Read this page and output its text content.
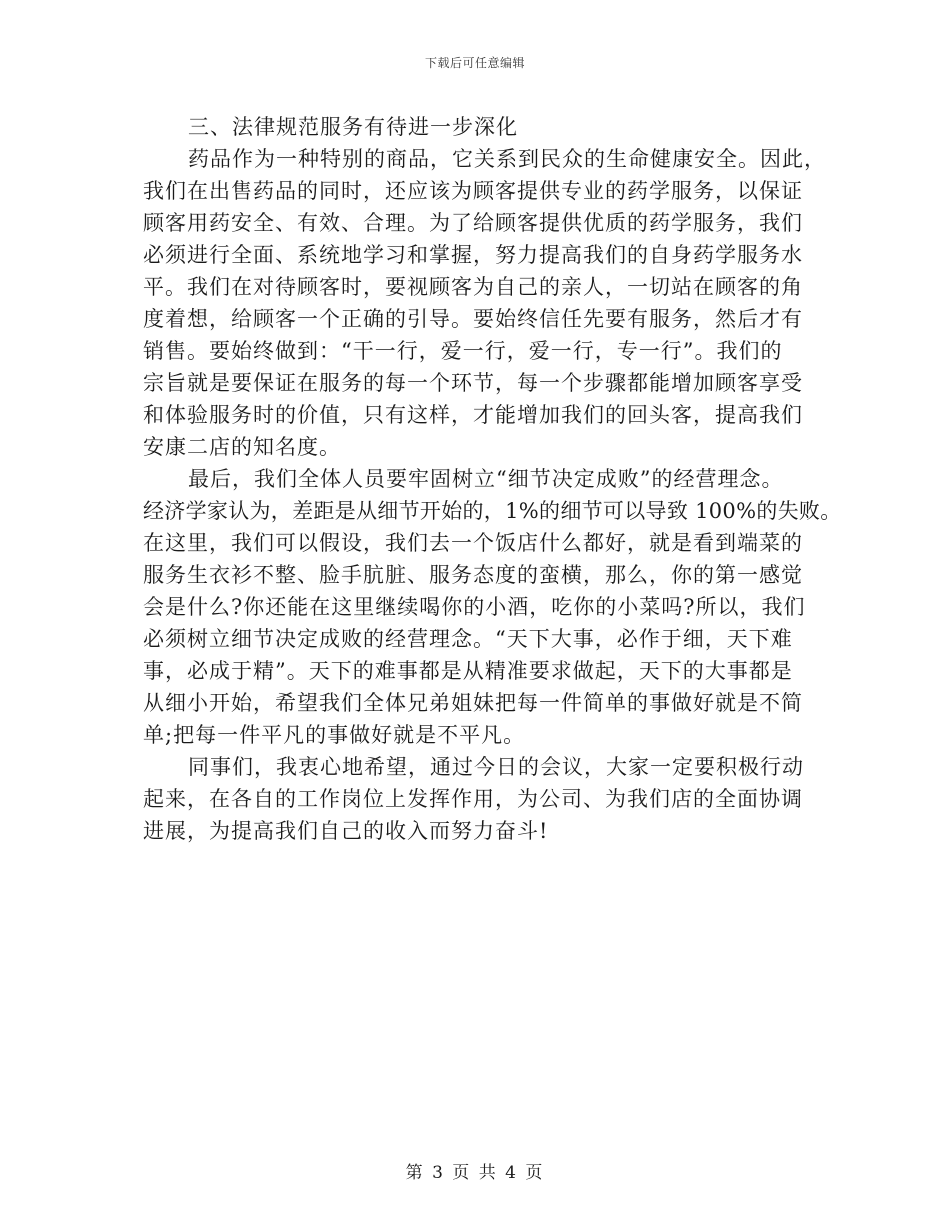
下载后可任意编辑
三、法律规范服务有待进一步深化
药品作为一种特别的商品，它关系到民众的生命健康安全。因此，
我们在出售药品的同时，还应该为顾客提供专业的药学服务，以保证
顾客用药安全、有效、合理。为了给顾客提供优质的药学服务，我们
必须进行全面、系统地学习和掌握，努力提高我们的自身药学服务水
平。我们在对待顾客时，要视顾客为自己的亲人，一切站在顾客的角
度着想，给顾客一个正确的引导。要始终信任先要有服务，然后才有
销售。要始终做到：“干一行，爱一行，爱一行，专一行”。我们的
宗旨就是要保证在服务的每一个环节，每一个步骤都能增加顾客享受
和体验服务时的价值，只有这样，才能增加我们的回头客，提高我们
安康二店的知名度。
最后，我们全体人员要牢固树立“细节决定成败”的经营理念。
经济学家认为，差距是从细节开始的，1%的细节可以导致 100%的失败。
在这里，我们可以假设，我们去一个饭店什么都好，就是看到端菜的
服务生衣衫不整、脸手肮脏、服务态度的蛮横，那么，你的第一感觉
会是什么?你还能在这里继续喝你的小酒，吃你的小菜吗?所以，我们
必须树立细节决定成败的经营理念。“天下大事，必作于细，天下难
事，必成于精”。天下的难事都是从精准要求做起，天下的大事都是
从细小开始，希望我们全体兄弟姐妹把每一件简单的事做好就是不简
单;把每一件平凡的事做好就是不平凡。
同事们，我衷心地希望，通过今日的会议，大家一定要积极行动
起来，在各自的工作岗位上发挥作用，为公司、为我们店的全面协调
进展，为提高我们自己的收入而努力奋斗!
第 3 页 共 4 页
